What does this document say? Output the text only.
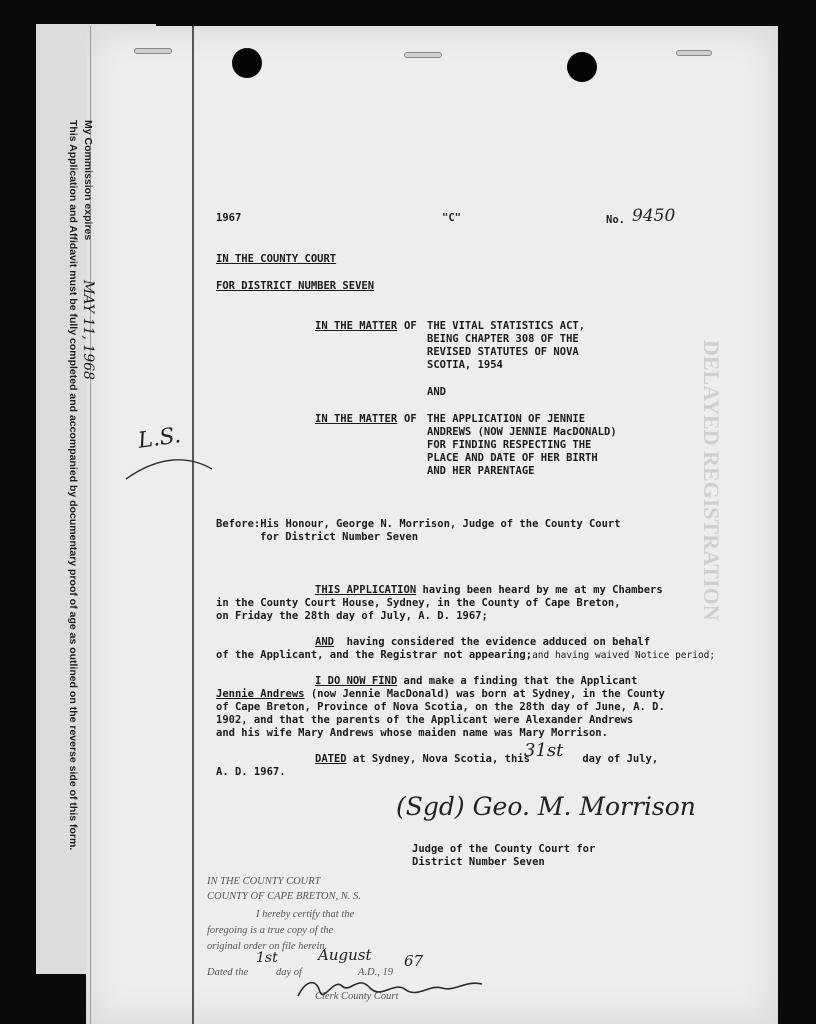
DELAYED REGISTRATION
My Commission expires
MAY 11, 1968
This Application and Affidavit must be fully completed and accompanied by documentary proof of age as outlined on the reverse side of this form.	1967	"C"	No. 9450
IN THE COUNTY COURT
FOR DISTRICT NUMBER SEVEN
IN THE MATTER OF THE VITAL STATISTICS ACT,
BEING CHAPTER 308 OF THE
REVISED STATUTES OF NOVA
SCOTIA, 1954
AND
IN THE MATTER OF THE APPLICATION OF JENNIE
ANDREWS (NOW JENNIE MacDONALD)
FOR FINDING RESPECTING THE
PLACE AND DATE OF HER BIRTH
AND HER PARENTAGE
L.S.
Before:His Honour, George N. Morrison, Judge of the County Court
for District Number Seven
THIS APPLICATION having been heard by me at my Chambers
in the County Court House, Sydney, in the County of Cape Breton,
on Friday the 28th day of July, A. D. 1967;
AND  having considered the evidence adduced on behalf
of the Applicant, and the Registrar not appearing;and having waived Notice period;
I DO NOW FIND and make a finding that the Applicant
Jennie Andrews (now Jennie MacDonald) was born at Sydney, in the County
of Cape Breton, Province of Nova Scotia, on the 28th day of June, A. D.
1902, and that the parents of the Applicant were Alexander Andrews
and his wife Mary Andrews whose maiden name was Mary Morrison.
DATED at Sydney, Nova Scotia, this
31st day of July,
A. D. 1967.
(Sgd) Geo. M. Morrison
Judge of the County Court for
District Number Seven
IN THE COUNTY COURT
COUNTY OF CAPE BRETON, N. S.
I hereby certify that the
foregoing is a true copy of the
original order on file herein.
Dated the
1st
day of
August
A.D., 19
67
Clerk County Court
